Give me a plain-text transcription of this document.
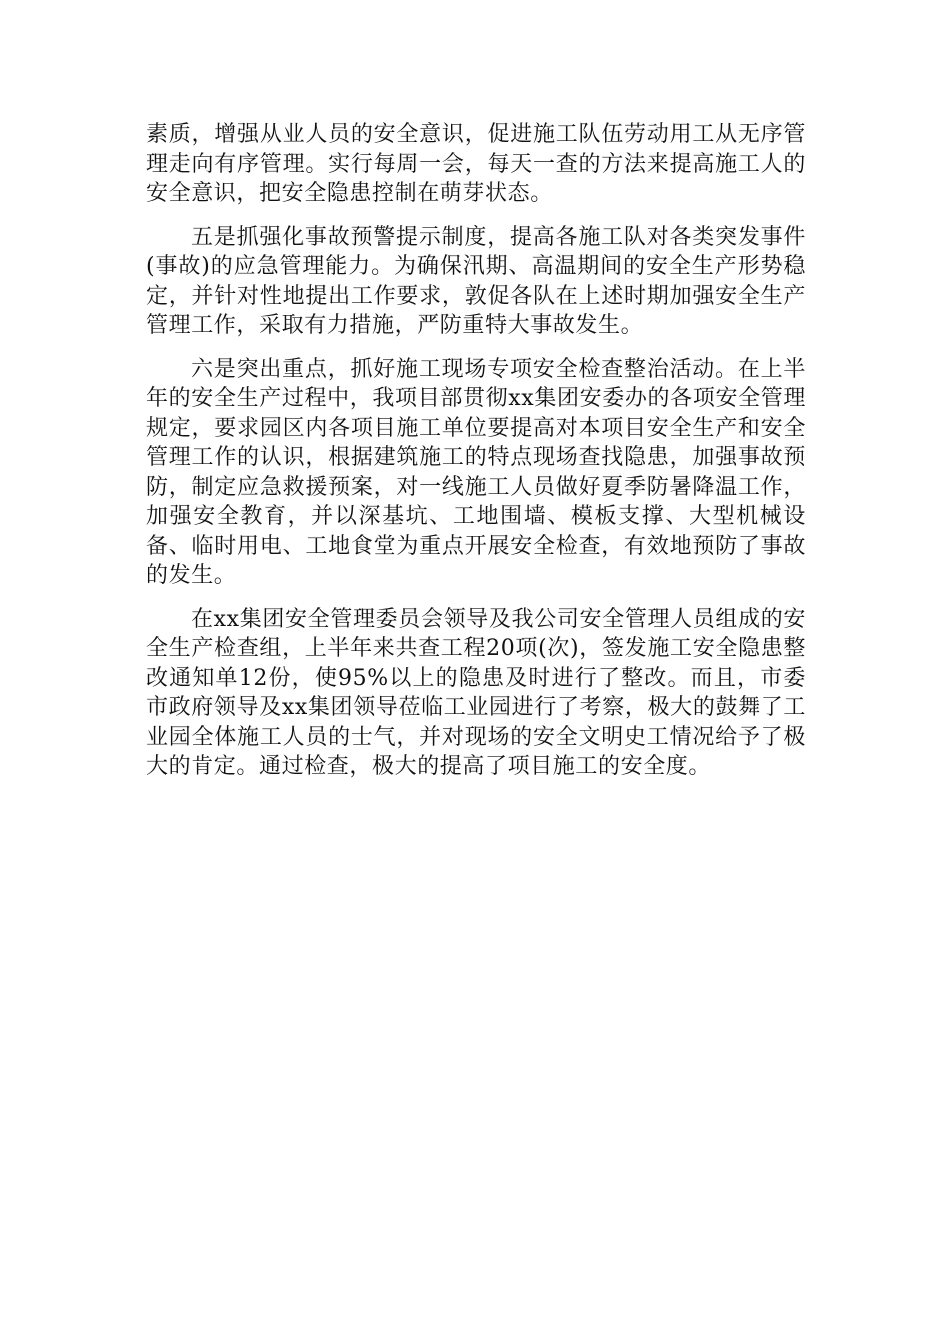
素质，增强从业人员的安全意识，促进施工队伍劳动用工从无序管理走向有序管理。实行每周一会，每天一查的方法来提高施工人的安全意识，把安全隐患控制在萌芽状态。

五是抓强化事故预警提示制度，提高各施工队对各类突发事件(事故)的应急管理能力。为确保汛期、高温期间的安全生产形势稳定，并针对性地提出工作要求，敦促各队在上述时期加强安全生产管理工作，采取有力措施，严防重特大事故发生。

六是突出重点，抓好施工现场专项安全检查整治活动。在上半年的安全生产过程中，我项目部贯彻xx集团安委办的各项安全管理规定，要求园区内各项目施工单位要提高对本项目安全生产和安全管理工作的认识，根据建筑施工的特点现场查找隐患，加强事故预防，制定应急救援预案，对一线施工人员做好夏季防暑降温工作，加强安全教育，并以深基坑、工地围墙、模板支撑、大型机械设备、临时用电、工地食堂为重点开展安全检查，有效地预防了事故的发生。

在xx集团安全管理委员会领导及我公司安全管理人员组成的安全生产检查组，上半年来共查工程20项(次)，签发施工安全隐患整改通知单12份，使95%以上的隐患及时进行了整改。而且，市委市政府领导及xx集团领导莅临工业园进行了考察，极大的鼓舞了工业园全体施工人员的士气，并对现场的安全文明史工情况给予了极大的肯定。通过检查，极大的提高了项目施工的安全度。
